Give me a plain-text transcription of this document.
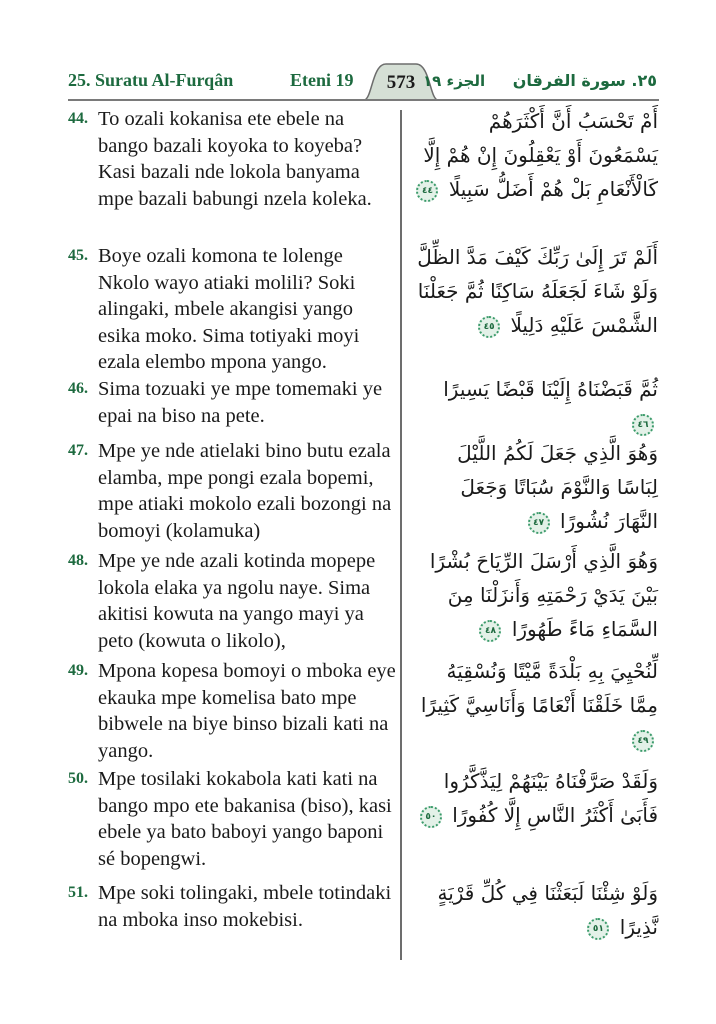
25. Suratu Al-Furqân	Eteni 19	573 الجزء ١٩ ٢٥. سورة الفرقان
44. To ozali kokanisa ete ebele na bango bazali koyoka to koyeba? Kasi bazali nde lokola banyama mpe bazali babungi nzela koleka.
أَمْ تَحْسَبُ أَنَّ أَكْثَرَهُمْ يَسْمَعُونَ أَوْ يَعْقِلُونَ إِنْ هُمْ إِلَّا كَالْأَنْعَامِ بَلْ هُمْ أَضَلُّ سَبِيلًا ٤٤
45. Boye ozali komona te lolenge Nkolo wayo atiaki molili? Soki alingaki, mbele akangisi yango esika moko. Sima totiyaki moyi ezala elembo mpona yango.
أَلَمْ تَرَ إِلَىٰ رَبِّكَ كَيْفَ مَدَّ الظِّلَّ وَلَوْ شَاءَ لَجَعَلَهُ سَاكِنًا ثُمَّ جَعَلْنَا الشَّمْسَ عَلَيْهِ دَلِيلًا ٤٥
46. Sima tozuaki ye mpe tomemaki ye epai na biso na pete.
ثُمَّ قَبَضْنَاهُ إِلَيْنَا قَبْضًا يَسِيرًا ٤٦
47. Mpe ye nde atielaki bino butu ezala elamba, mpe pongi ezala bopemi, mpe atiaki mokolo ezali bozongi na bomoyi (kolamuka)
وَهُوَ الَّذِي جَعَلَ لَكُمُ اللَّيْلَ لِبَاسًا وَالنَّوْمَ سُبَاتًا وَجَعَلَ النَّهَارَ نُشُورًا ٤٧
48. Mpe ye nde azali kotinda mopepe lokola elaka ya ngolu naye. Sima akitisi kowuta na yango mayi ya peto (kowuta o likolo),
وَهُوَ الَّذِي أَرْسَلَ الرِّيَاحَ بُشْرًا بَيْنَ يَدَيْ رَحْمَتِهِ وَأَنزَلْنَا مِنَ السَّمَاءِ مَاءً طَهُورًا ٤٨
49. Mpona kopesa bomoyi o mboka eye ekauka mpe komelisa bato mpe bibwele na biye binso bizali kati na yango.
لِّنُحْيِيَ بِهِ بَلْدَةً مَّيْتًا وَنُسْقِيَهُ مِمَّا خَلَقْنَا أَنْعَامًا وَأَنَاسِيَّ كَثِيرًا ٤٩
50. Mpe tosilaki kokabola kati kati na bango mpo ete bakanisa (biso), kasi ebele ya bato baboyi yango baponi sé bopengwi.
وَلَقَدْ صَرَّفْنَاهُ بَيْنَهُمْ لِيَذَّكَّرُوا فَأَبَىٰ أَكْثَرُ النَّاسِ إِلَّا كُفُورًا ٥٠
51. Mpe soki tolingaki, mbele totindaki na mboka inso mokebisi.
وَلَوْ شِئْنَا لَبَعَثْنَا فِي كُلِّ قَرْيَةٍ نَّذِيرًا ٥١
